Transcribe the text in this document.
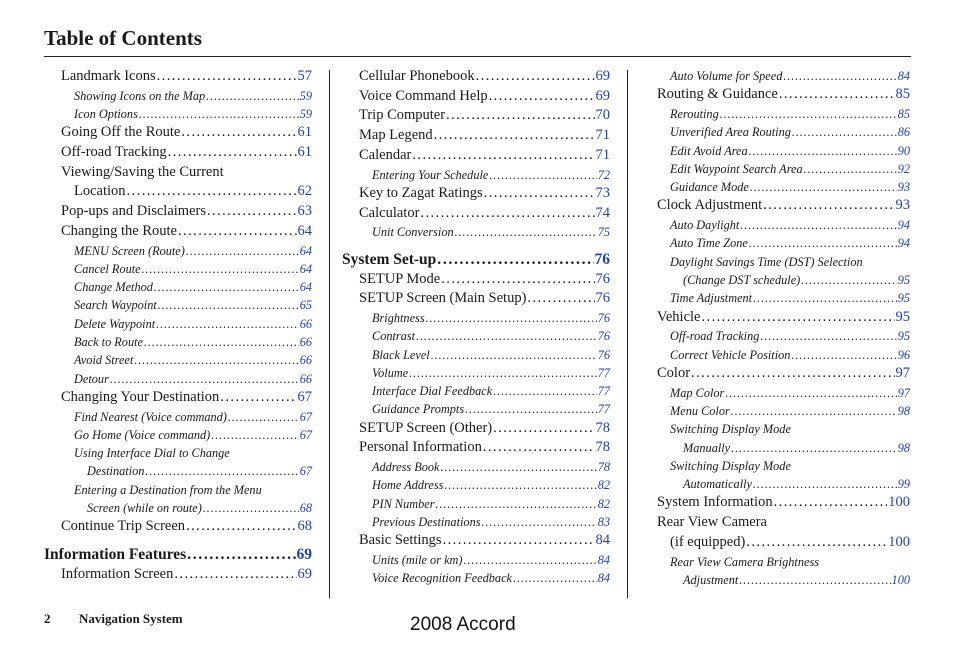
Table of Contents
Landmark Icons . . .	57
Showing Icons on the Map . . .	59
Icon Options . . .	59
Going Off the Route . . .	61
Off-road Tracking . . .	61
Viewing/Saving the Current
Location . . .	62
Pop-ups and Disclaimers . . .	63
Changing the Route . . .	64
MENU Screen (Route) . . .	64
Cancel Route . . .	64
Change Method . . .	64
Search Waypoint . . .	65
Delete Waypoint . . .	66
Back to Route . . .	66
Avoid Street . . .	66
Detour . . .	66
Changing Your Destination . . .	67
Find Nearest (Voice command) . . .	67
Go Home (Voice command) . . .	67
Using Interface Dial to Change
Destination . . .	67
Entering a Destination from the Menu
Screen (while on route) . . .	68
Continue Trip Screen . . .	68
Information Features . . .	69
Information Screen . . .	69
Cellular Phonebook . . .	69
Voice Command Help . . .	69
Trip Computer . . .	70
Map Legend . . .	71
Calendar . . .	71
Entering Your Schedule . . .	72
Key to Zagat Ratings . . .	73
Calculator . . .	74
Unit Conversion . . .	75
System Set-up . . .	76
SETUP Mode . . .	76
SETUP Screen (Main Setup) . . .	76
Brightness . . .	76
Contrast . . .	76
Black Level . . .	76
Volume . . .	77
Interface Dial Feedback . . .	77
Guidance Prompts . . .	77
SETUP Screen (Other) . . .	78
Personal Information . . .	78
Address Book . . .	78
Home Address . . .	82
PIN Number . . .	82
Previous Destinations . . .	83
Basic Settings . . .	84
Units (mile or km) . . .	84
Voice Recognition Feedback . . .	84
Auto Volume for Speed . . .	84
Routing & Guidance . . .	85
Rerouting . . .	85
Unverified Area Routing . . .	86
Edit Avoid Area . . .	90
Edit Waypoint Search Area . . .	92
Guidance Mode . . .	93
Clock Adjustment . . .	93
Auto Daylight . . .	94
Auto Time Zone . . .	94
Daylight Savings Time (DST) Selection
(Change DST schedule) . . .	95
Time Adjustment . . .	95
Vehicle . . .	95
Off-road Tracking . . .	95
Correct Vehicle Position . . .	96
Color . . .	97
Map Color . . .	97
Menu Color . . .	98
Switching Display Mode
Manually . . .	98
Switching Display Mode
Automatically . . .	99
System Information . . .	100
Rear View Camera
(if equipped) . . .	100
Rear View Camera Brightness
Adjustment . . .	100
2 Navigation System	2008 Accord
